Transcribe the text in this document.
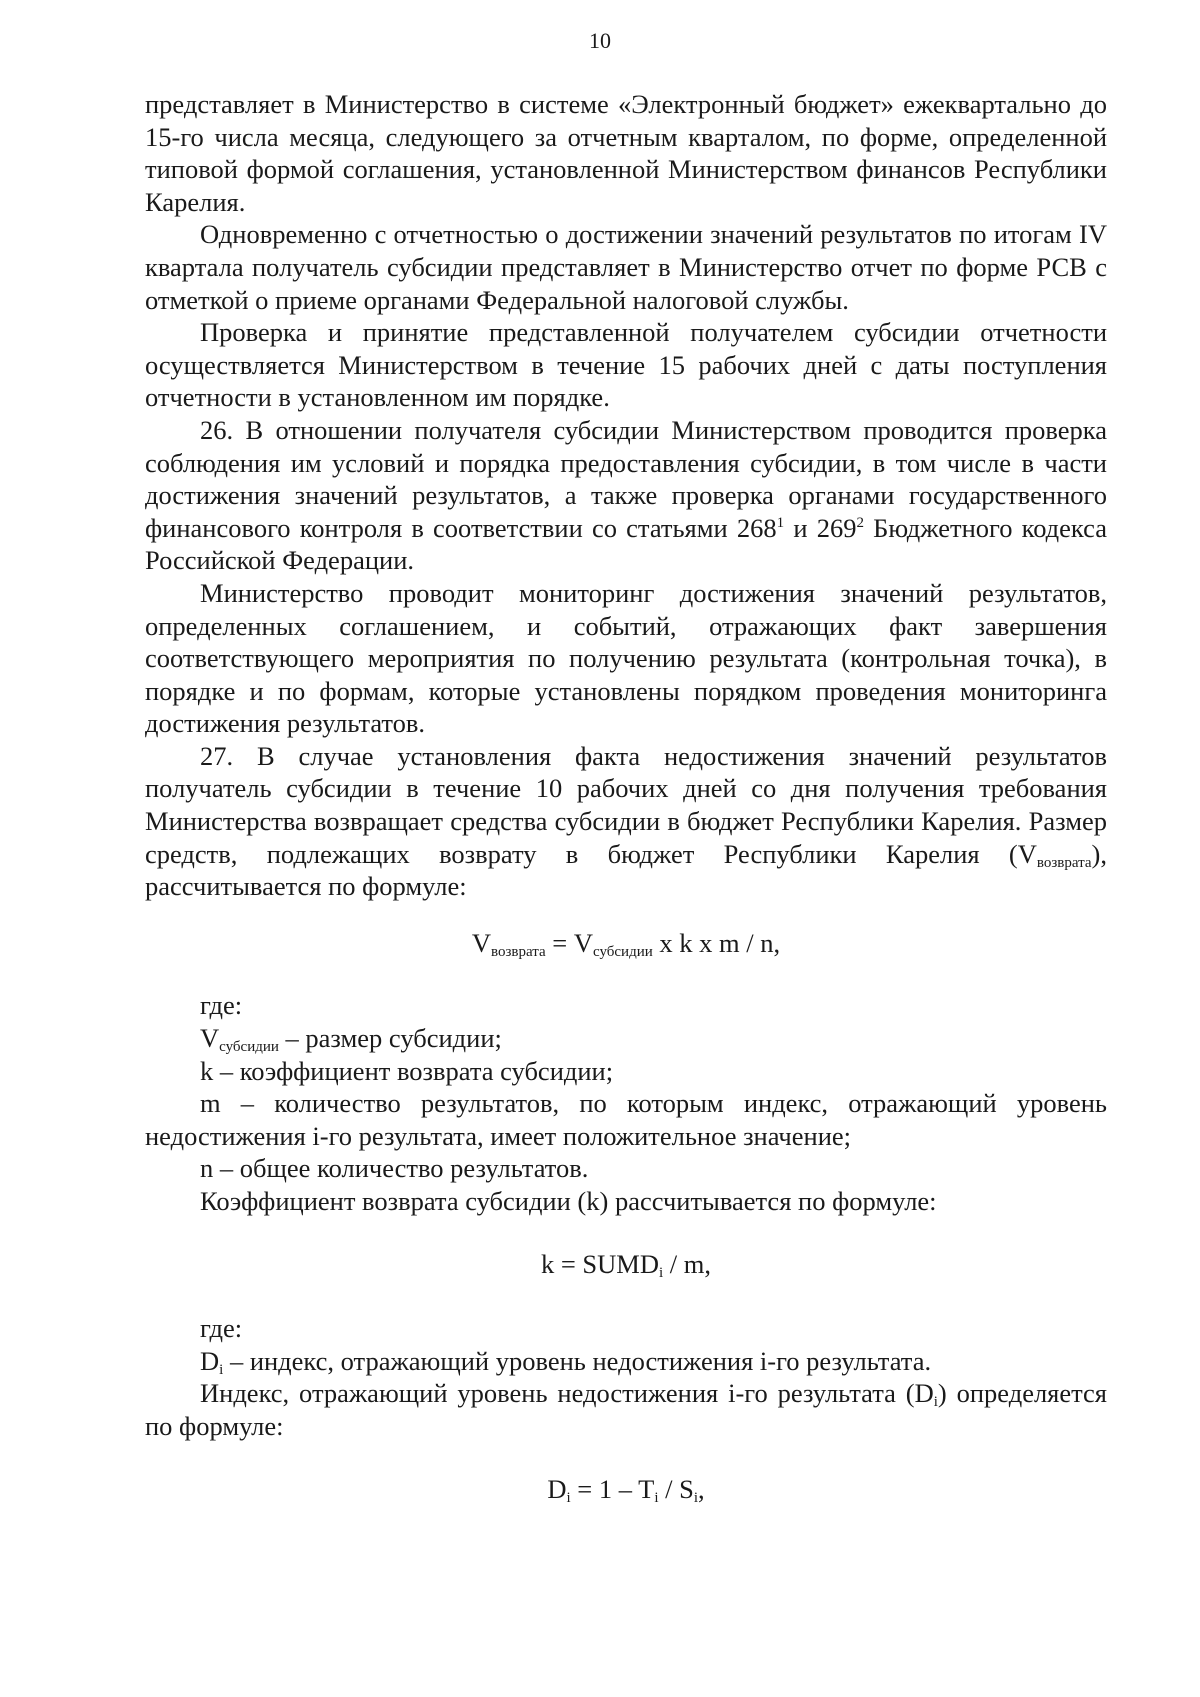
10

представляет в Министерство в системе «Электронный бюджет» ежеквартально до 15-го числа месяца, следующего за отчетным кварталом, по форме, определенной типовой формой соглашения, установленной Министерством финансов Республики Карелия.

Одновременно с отчетностью о достижении значений результатов по итогам IV квартала получатель субсидии представляет в Министерство отчет по форме РСВ с отметкой о приеме органами Федеральной налоговой службы.

Проверка и принятие представленной получателем субсидии отчетности осуществляется Министерством в течение 15 рабочих дней с даты поступления отчетности в установленном им порядке.

26. В отношении получателя субсидии Министерством проводится проверка соблюдения им условий и порядка предоставления субсидии, в том числе в части достижения значений результатов, а также проверка органами государственного финансового контроля в соответствии со статьями $268^1$ и $269^2$ Бюджетного кодекса Российской Федерации.

Министерство проводит мониторинг достижения значений результатов, определенных соглашением, и событий, отражающих факт завершения соответствующего мероприятия по получению результата (контрольная точка), в порядке и по формам, которые установлены порядком проведения мониторинга достижения результатов.

27. В случае установления факта недостижения значений результатов получатель субсидии в течение 10 рабочих дней со дня получения требования Министерства возвращает средства субсидии в бюджет Республики Карелия. Размер средств, подлежащих возврату в бюджет Республики Карелия $(V_{возврата})$, рассчитывается по формуле:

$V_{возврата} = V_{субсидии}$ x k x m / n,

где:

$V_{субсидии}$ – размер субсидии;

k – коэффициент возврата субсидии;

m – количество результатов, по которым индекс, отражающий уровень недостижения i-го результата, имеет положительное значение;

n – общее количество результатов.

Коэффициент возврата субсидии (k) рассчитывается по формуле:

$k = SUMD_i / m$,

где:

$D_i$ – индекс, отражающий уровень недостижения i-го результата.

Индекс, отражающий уровень недостижения i-го результата $(D_i)$ определяется по формуле:

$D_i = 1 - T_i / S_i$,
